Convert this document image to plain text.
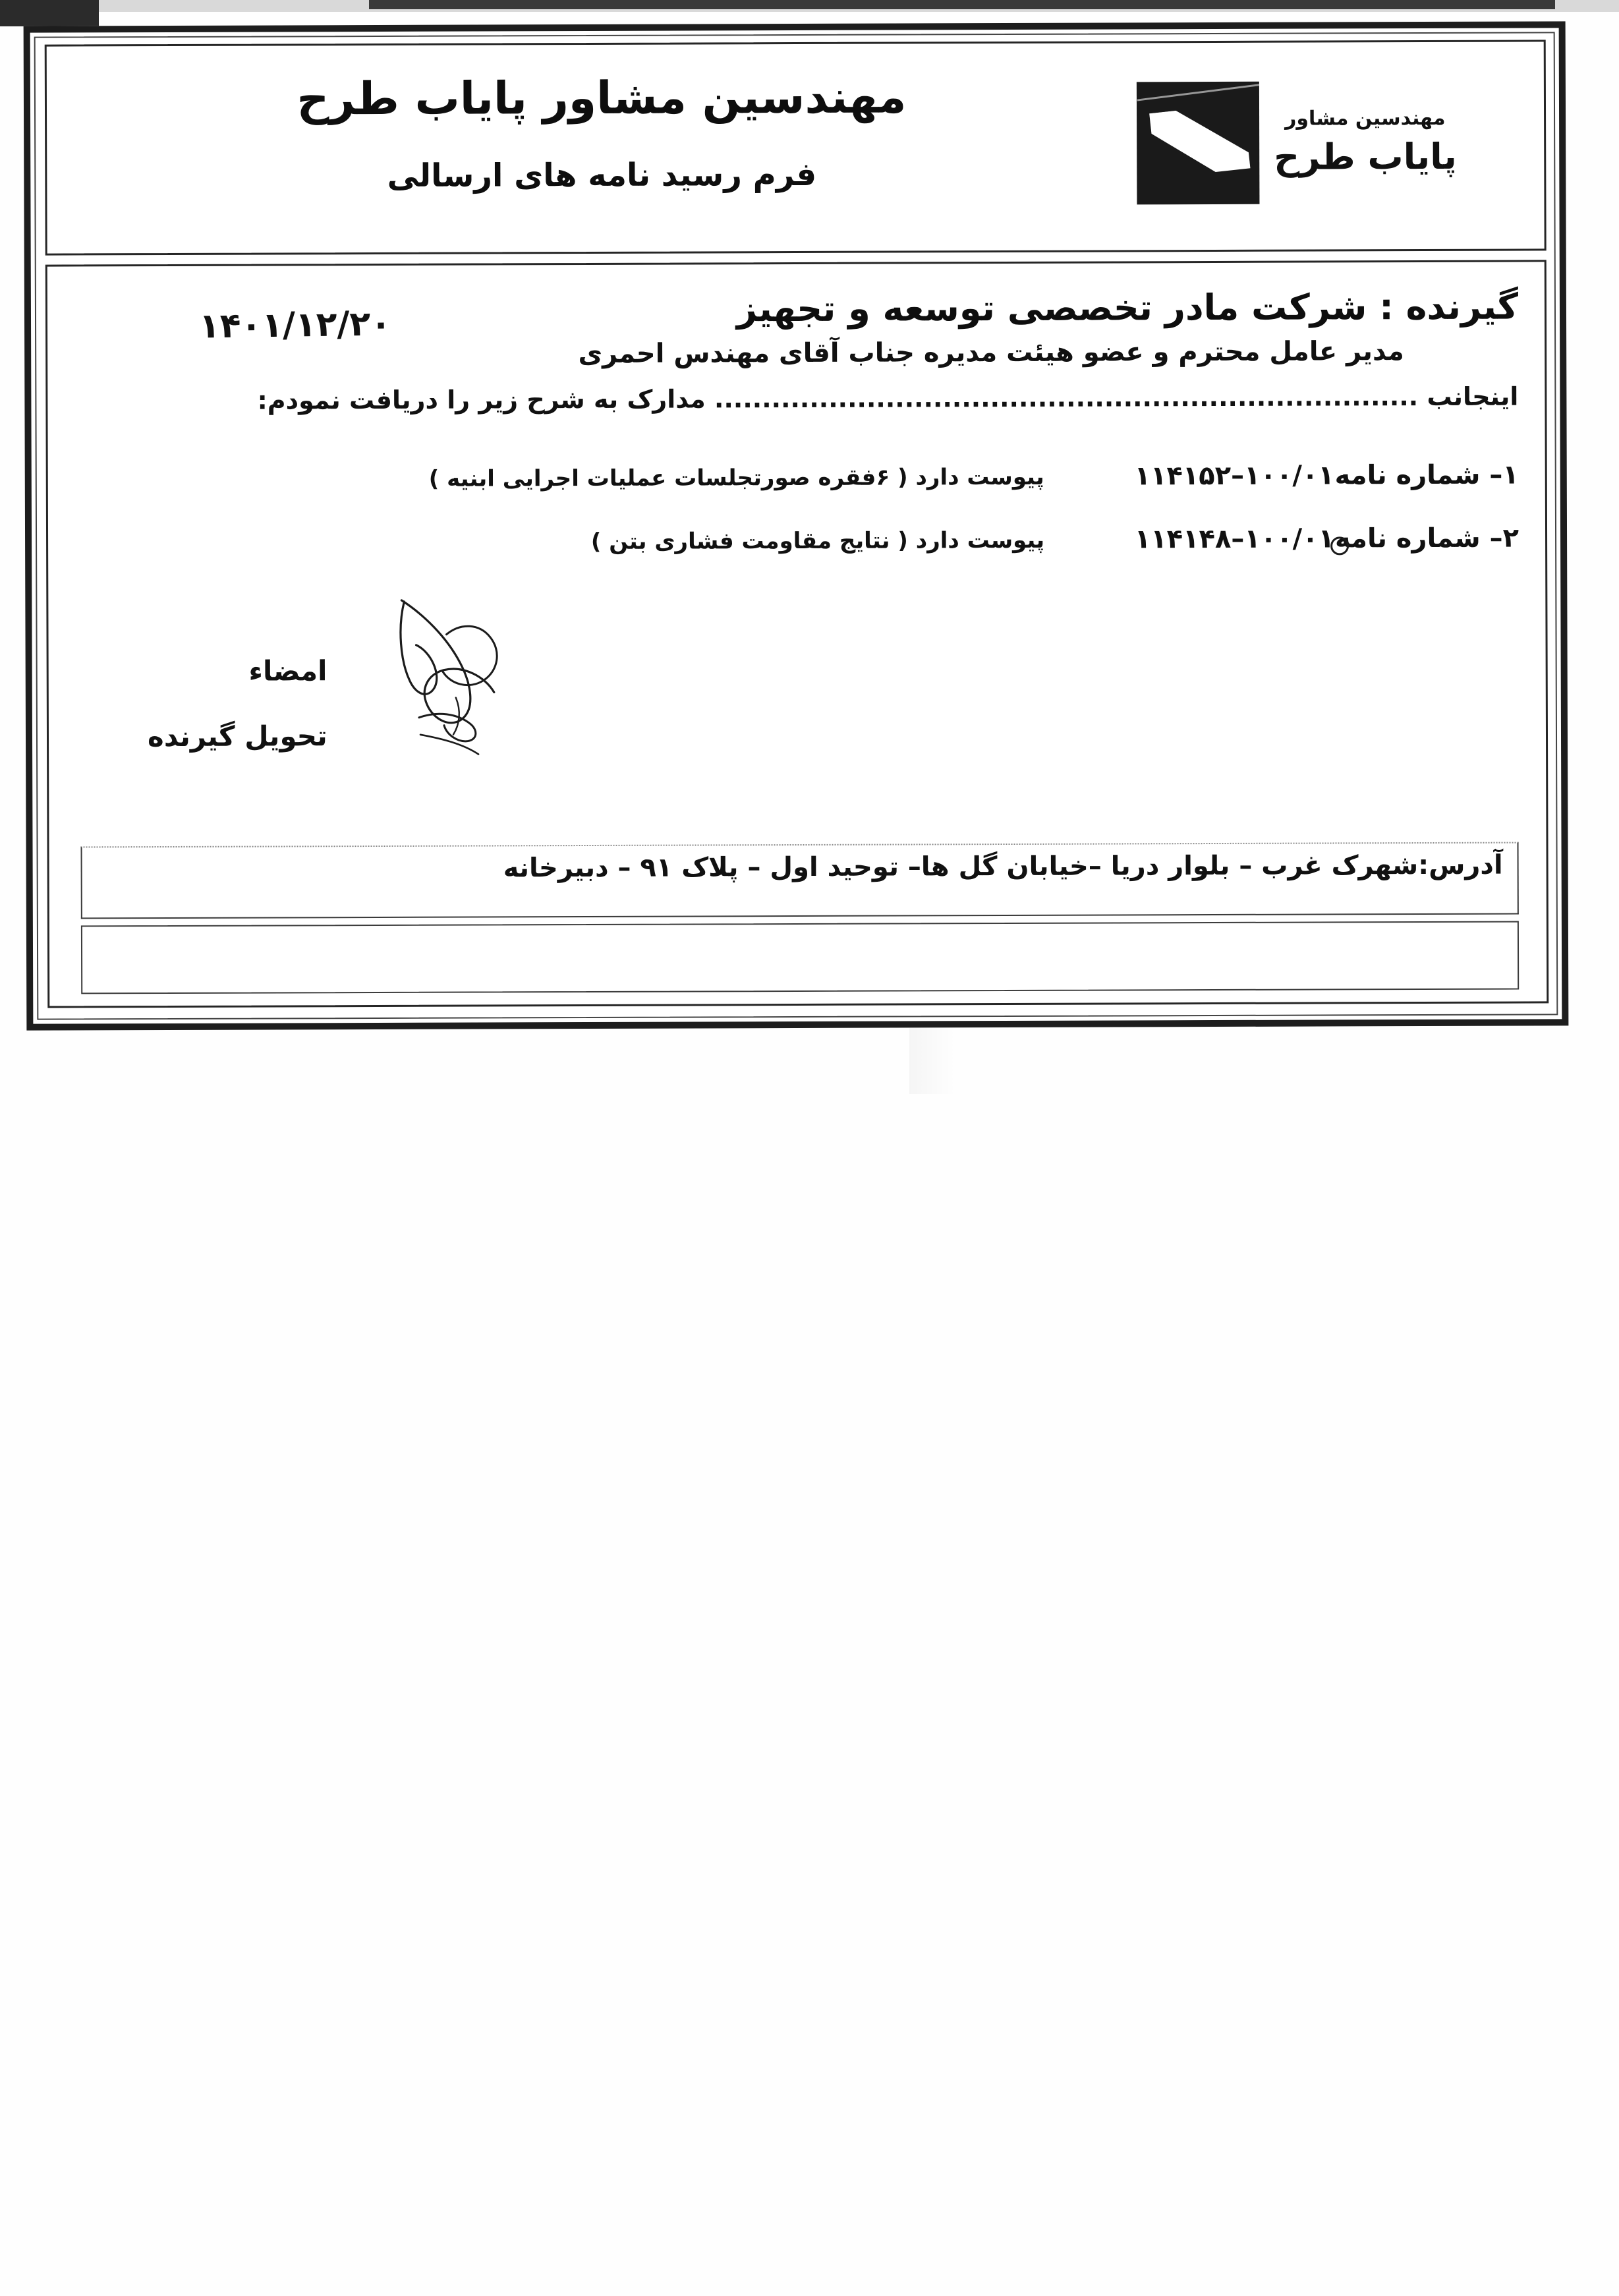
مهندسین مشاور پایاب طرح
فرم رسید نامه های ارسالی
مهندسین مشاور
پایاب طرح
گیرنده : شرکت مادر تخصصی توسعه و تجهیز
مدیر عامل محترم و عضو هیئت مدیره جناب آقای مهندس احمری
۱۴۰۱/۱۲/۲۰
اینجانب .......................................................................... مدارک به شرح زیر را دریافت نمودم:
۱– شماره نامه
۱۰۰/۰۱–۱۱۴۱۵۲
پیوست دارد ( ۶فقره صورتجلسات عملیات اجرایی ابنیه )
۲– شماره نامه
۱۰۰/۰۱–۱۱۴۱۴۸
پیوست دارد ( نتایج مقاومت فشاری بتن )
امضاء
تحویل گیرنده
آدرس:شهرک غرب – بلوار دریا –خیابان گل ها– توحید اول – پلاک ۹۱ – دبیرخانه
